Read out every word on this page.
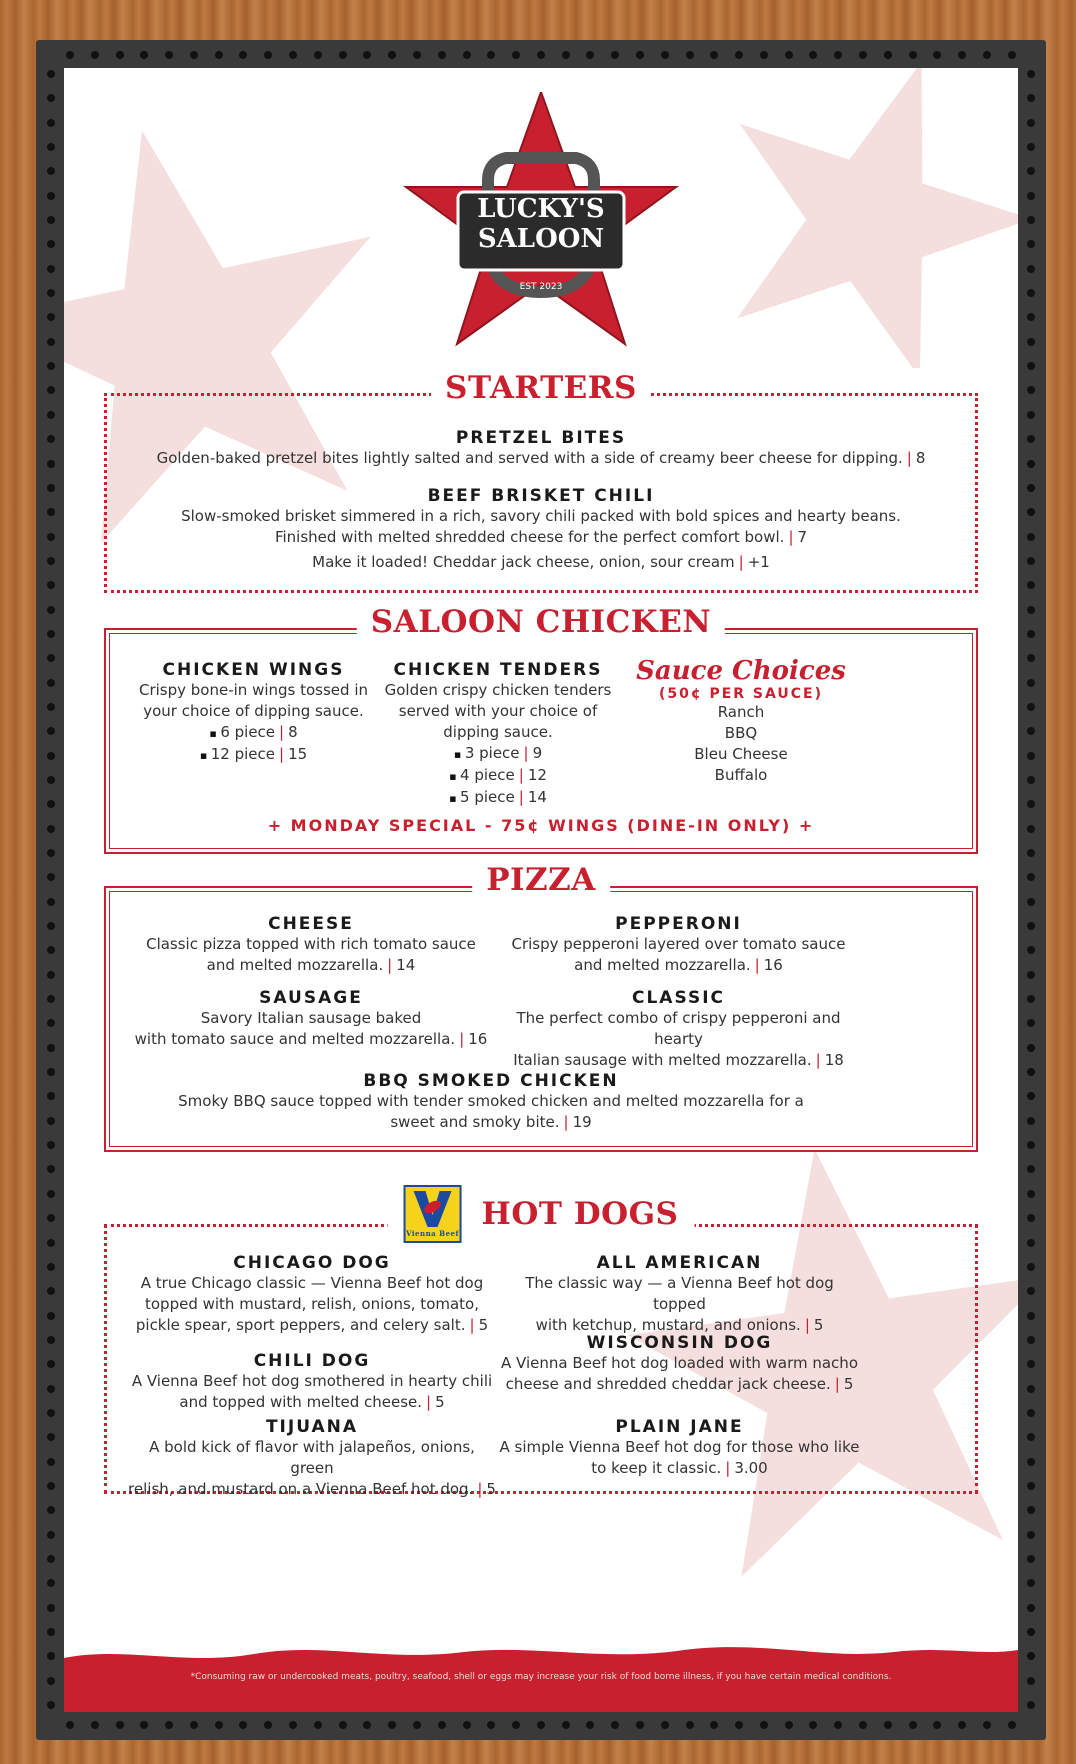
LUCKY'S
SALOON
EST 2023
STARTERS
PRETZEL BITES
Golden-baked pretzel bites lightly salted and served with a side of creamy beer cheese for dipping. | 8
BEEF BRISKET CHILI
Slow-smoked brisket simmered in a rich, savory chili packed with bold spices and hearty beans.
Finished with melted shredded cheese for the perfect comfort bowl. | 7
Make it loaded! Cheddar jack cheese, onion, sour cream | +1
SALOON CHICKEN
CHICKEN WINGS
Crispy bone-in wings tossed in
your choice of dipping sauce.
▪ 6 piece | 8
▪ 12 piece | 15
CHICKEN TENDERS
Golden crispy chicken tenders
served with your choice of
dipping sauce.
▪ 3 piece | 9
▪ 4 piece | 12
▪ 5 piece | 14
Sauce Choices
(50¢ PER SAUCE)
Ranch
BBQ
Bleu Cheese
Buffalo
+ MONDAY SPECIAL - 75¢ WINGS (DINE-IN ONLY) +
PIZZA
CHEESE
Classic pizza topped with rich tomato sauce
and melted mozzarella. | 14
PEPPERONI
Crispy pepperoni layered over tomato sauce
and melted mozzarella. | 16
SAUSAGE
Savory Italian sausage baked
with tomato sauce and melted mozzarella. | 16
CLASSIC
The perfect combo of crispy pepperoni and hearty
Italian sausage with melted mozzarella. | 18
BBQ SMOKED CHICKEN
Smoky BBQ sauce topped with tender smoked chicken and melted mozzarella for a
sweet and smoky bite. | 19
Vienna Beef
HOT DOGS
CHICAGO DOG
A true Chicago classic — Vienna Beef hot dog
topped with mustard, relish, onions, tomato,
pickle spear, sport peppers, and celery salt. | 5
ALL AMERICAN
The classic way — a Vienna Beef hot dog topped
with ketchup, mustard, and onions. | 5
CHILI DOG
A Vienna Beef hot dog smothered in hearty chili
and topped with melted cheese. | 5
WISCONSIN DOG
A Vienna Beef hot dog loaded with warm nacho
cheese and shredded cheddar jack cheese. | 5
TIJUANA
A bold kick of flavor with jalapeños, onions, green
relish, and mustard on a Vienna Beef hot dog. | 5
PLAIN JANE
A simple Vienna Beef hot dog for those who like
to keep it classic. | 3.00
*Consuming raw or undercooked meats, poultry, seafood, shell or eggs may increase your risk of food borne illness, if you have certain medical conditions.
